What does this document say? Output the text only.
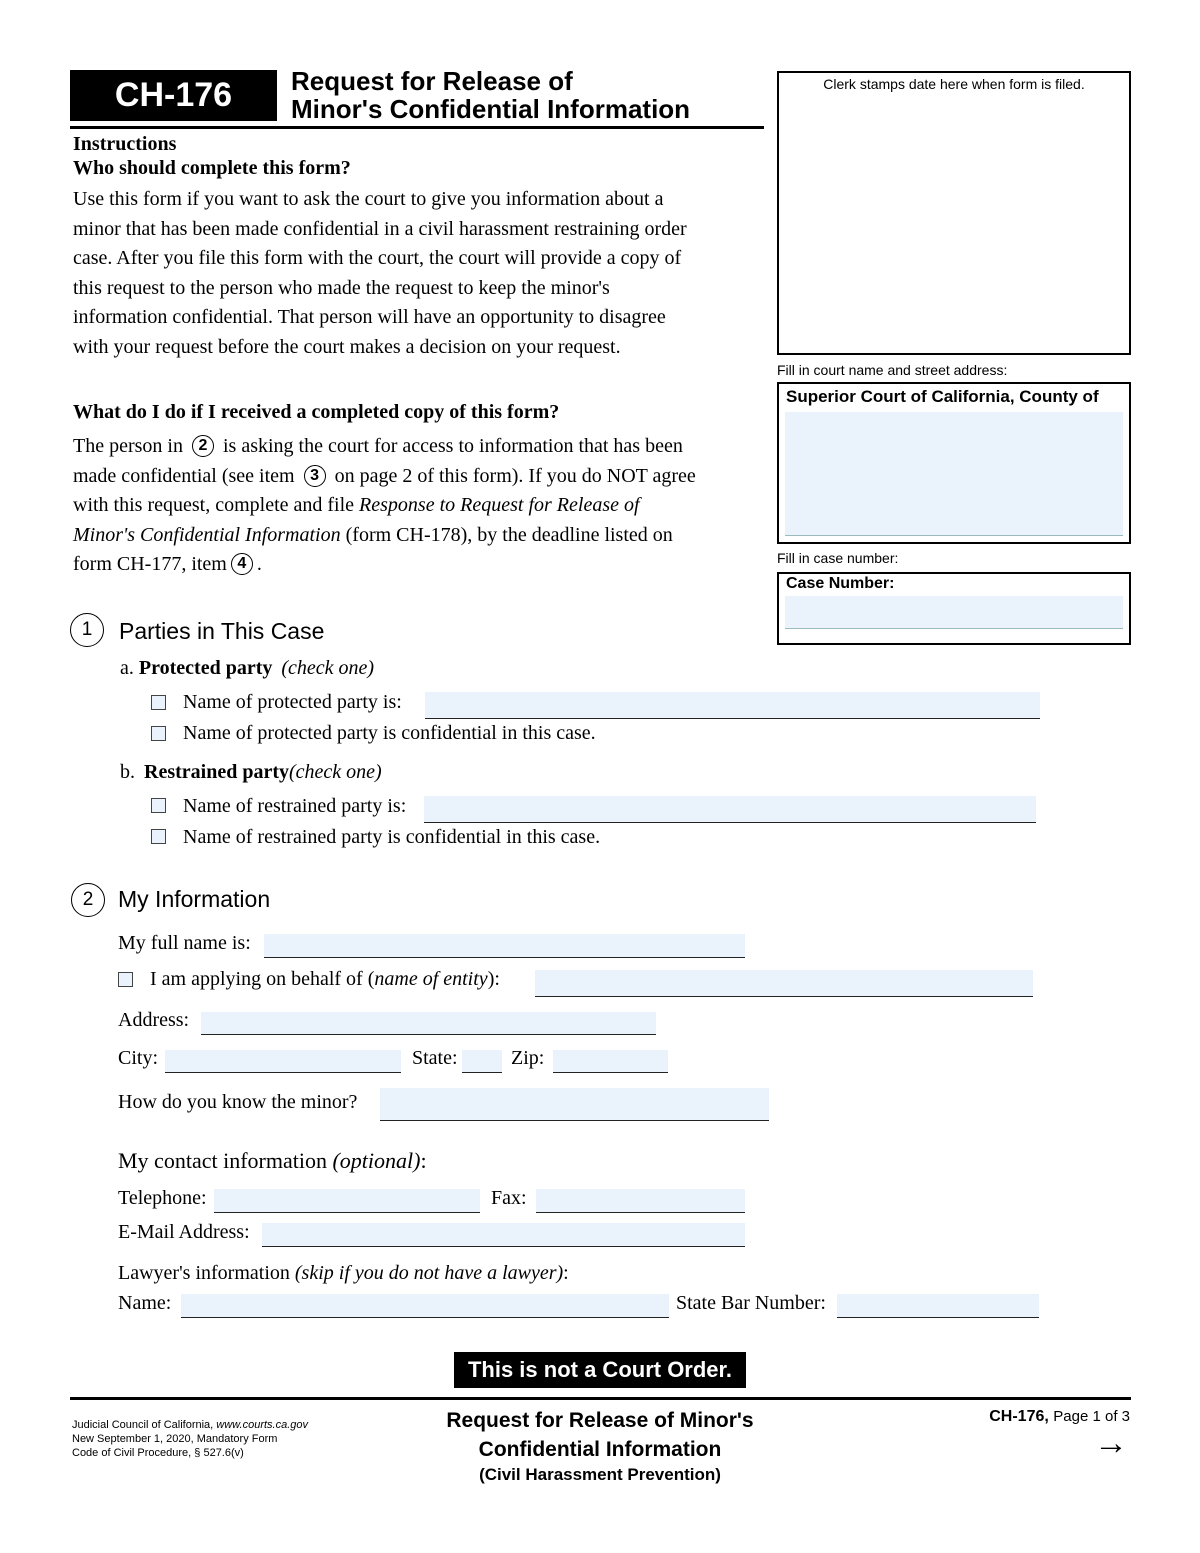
CH-176	Request for Release of
Minor's Confidential Information
Clerk stamps date here when form is filed.
Fill in court name and street address:
Superior Court of California, County of
Fill in case number:
Case Number:
Instructions
Who should complete this form?
Use this form if you want to ask the court to give you information about a
minor that has been made confidential in a civil harassment restraining order
case. After you file this form with the court, the court will provide a copy of
this request to the person who made the request to keep the minor's
information confidential. That person will have an opportunity to disagree
with your request before the court makes a decision on your request.
What do I do if I received a completed copy of this form?
The person in 2 is asking the court for access to information that has been
made confidential (see item 3 on page 2 of this form). If you do NOT agree
with this request, complete and file Response to Request for Release of
Minor's Confidential Information (form CH-178), by the deadline listed on
form CH-177, item 4 .
1	Parties in This Case
a. Protected party (check one)
Name of protected party is:
Name of protected party is confidential in this case.
b. Restrained party(check one)
Name of restrained party is:
Name of restrained party is confidential in this case.
2	My Information
My full name is:
I am applying on behalf of (name of entity):
Address:
City:	State:	Zip:
How do you know the minor?
My contact information (optional):
Telephone:	Fax:
E-Mail Address:
Lawyer's information (skip if you do not have a lawyer):
Name:	State Bar Number:
This is not a Court Order.
Judicial Council of California, www.courts.ca.gov
New September 1, 2020, Mandatory Form
Code of Civil Procedure, § 527.6(v)
Request for Release of Minor's
Confidential Information
(Civil Harassment Prevention)
CH-176, Page 1 of 3
→
